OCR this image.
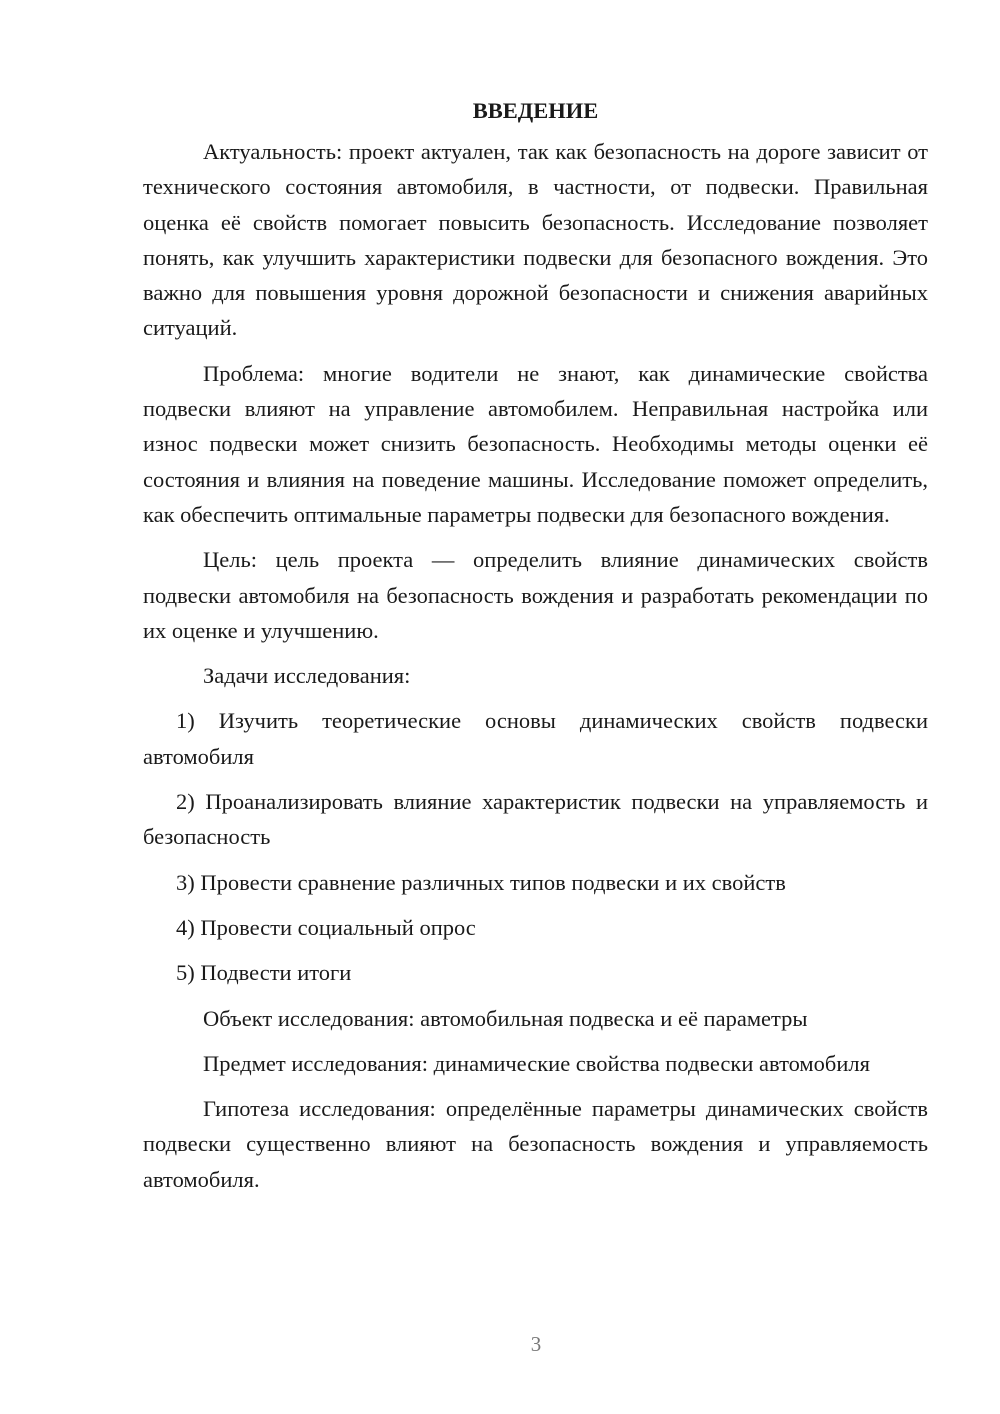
ВВЕДЕНИЕ

Актуальность: проект актуален, так как безопасность на дороге зависит от технического состояния автомобиля, в частности, от подвески. Правильная оценка её свойств помогает повысить безопасность. Исследование позволяет понять, как улучшить характеристики подвески для безопасного вождения. Это важно для повышения уровня дорожной безопасности и снижения аварийных ситуаций.

Проблема: многие водители не знают, как динамические свойства подвески влияют на управление автомобилем. Неправильная настройка или износ подвески может снизить безопасность. Необходимы методы оценки её состояния и влияния на поведение машины. Исследование поможет определить, как обеспечить оптимальные параметры подвески для безопасного вождения.

Цель: цель проекта — определить влияние динамических свойств подвески автомобиля на безопасность вождения и разработать рекомендации по их оценке и улучшению.

Задачи исследования:

1) Изучить теоретические основы динамических свойств подвески автомобиля

2) Проанализировать влияние характеристик подвески на управляемость и безопасность

3) Провести сравнение различных типов подвески и их свойств

4) Провести социальный опрос

5) Подвести итоги

Объект исследования: автомобильная подвеска и её параметры

Предмет исследования: динамические свойства подвески автомобиля

Гипотеза исследования: определённые параметры динамических свойств подвески существенно влияют на безопасность вождения и управляемость автомобиля.

3
